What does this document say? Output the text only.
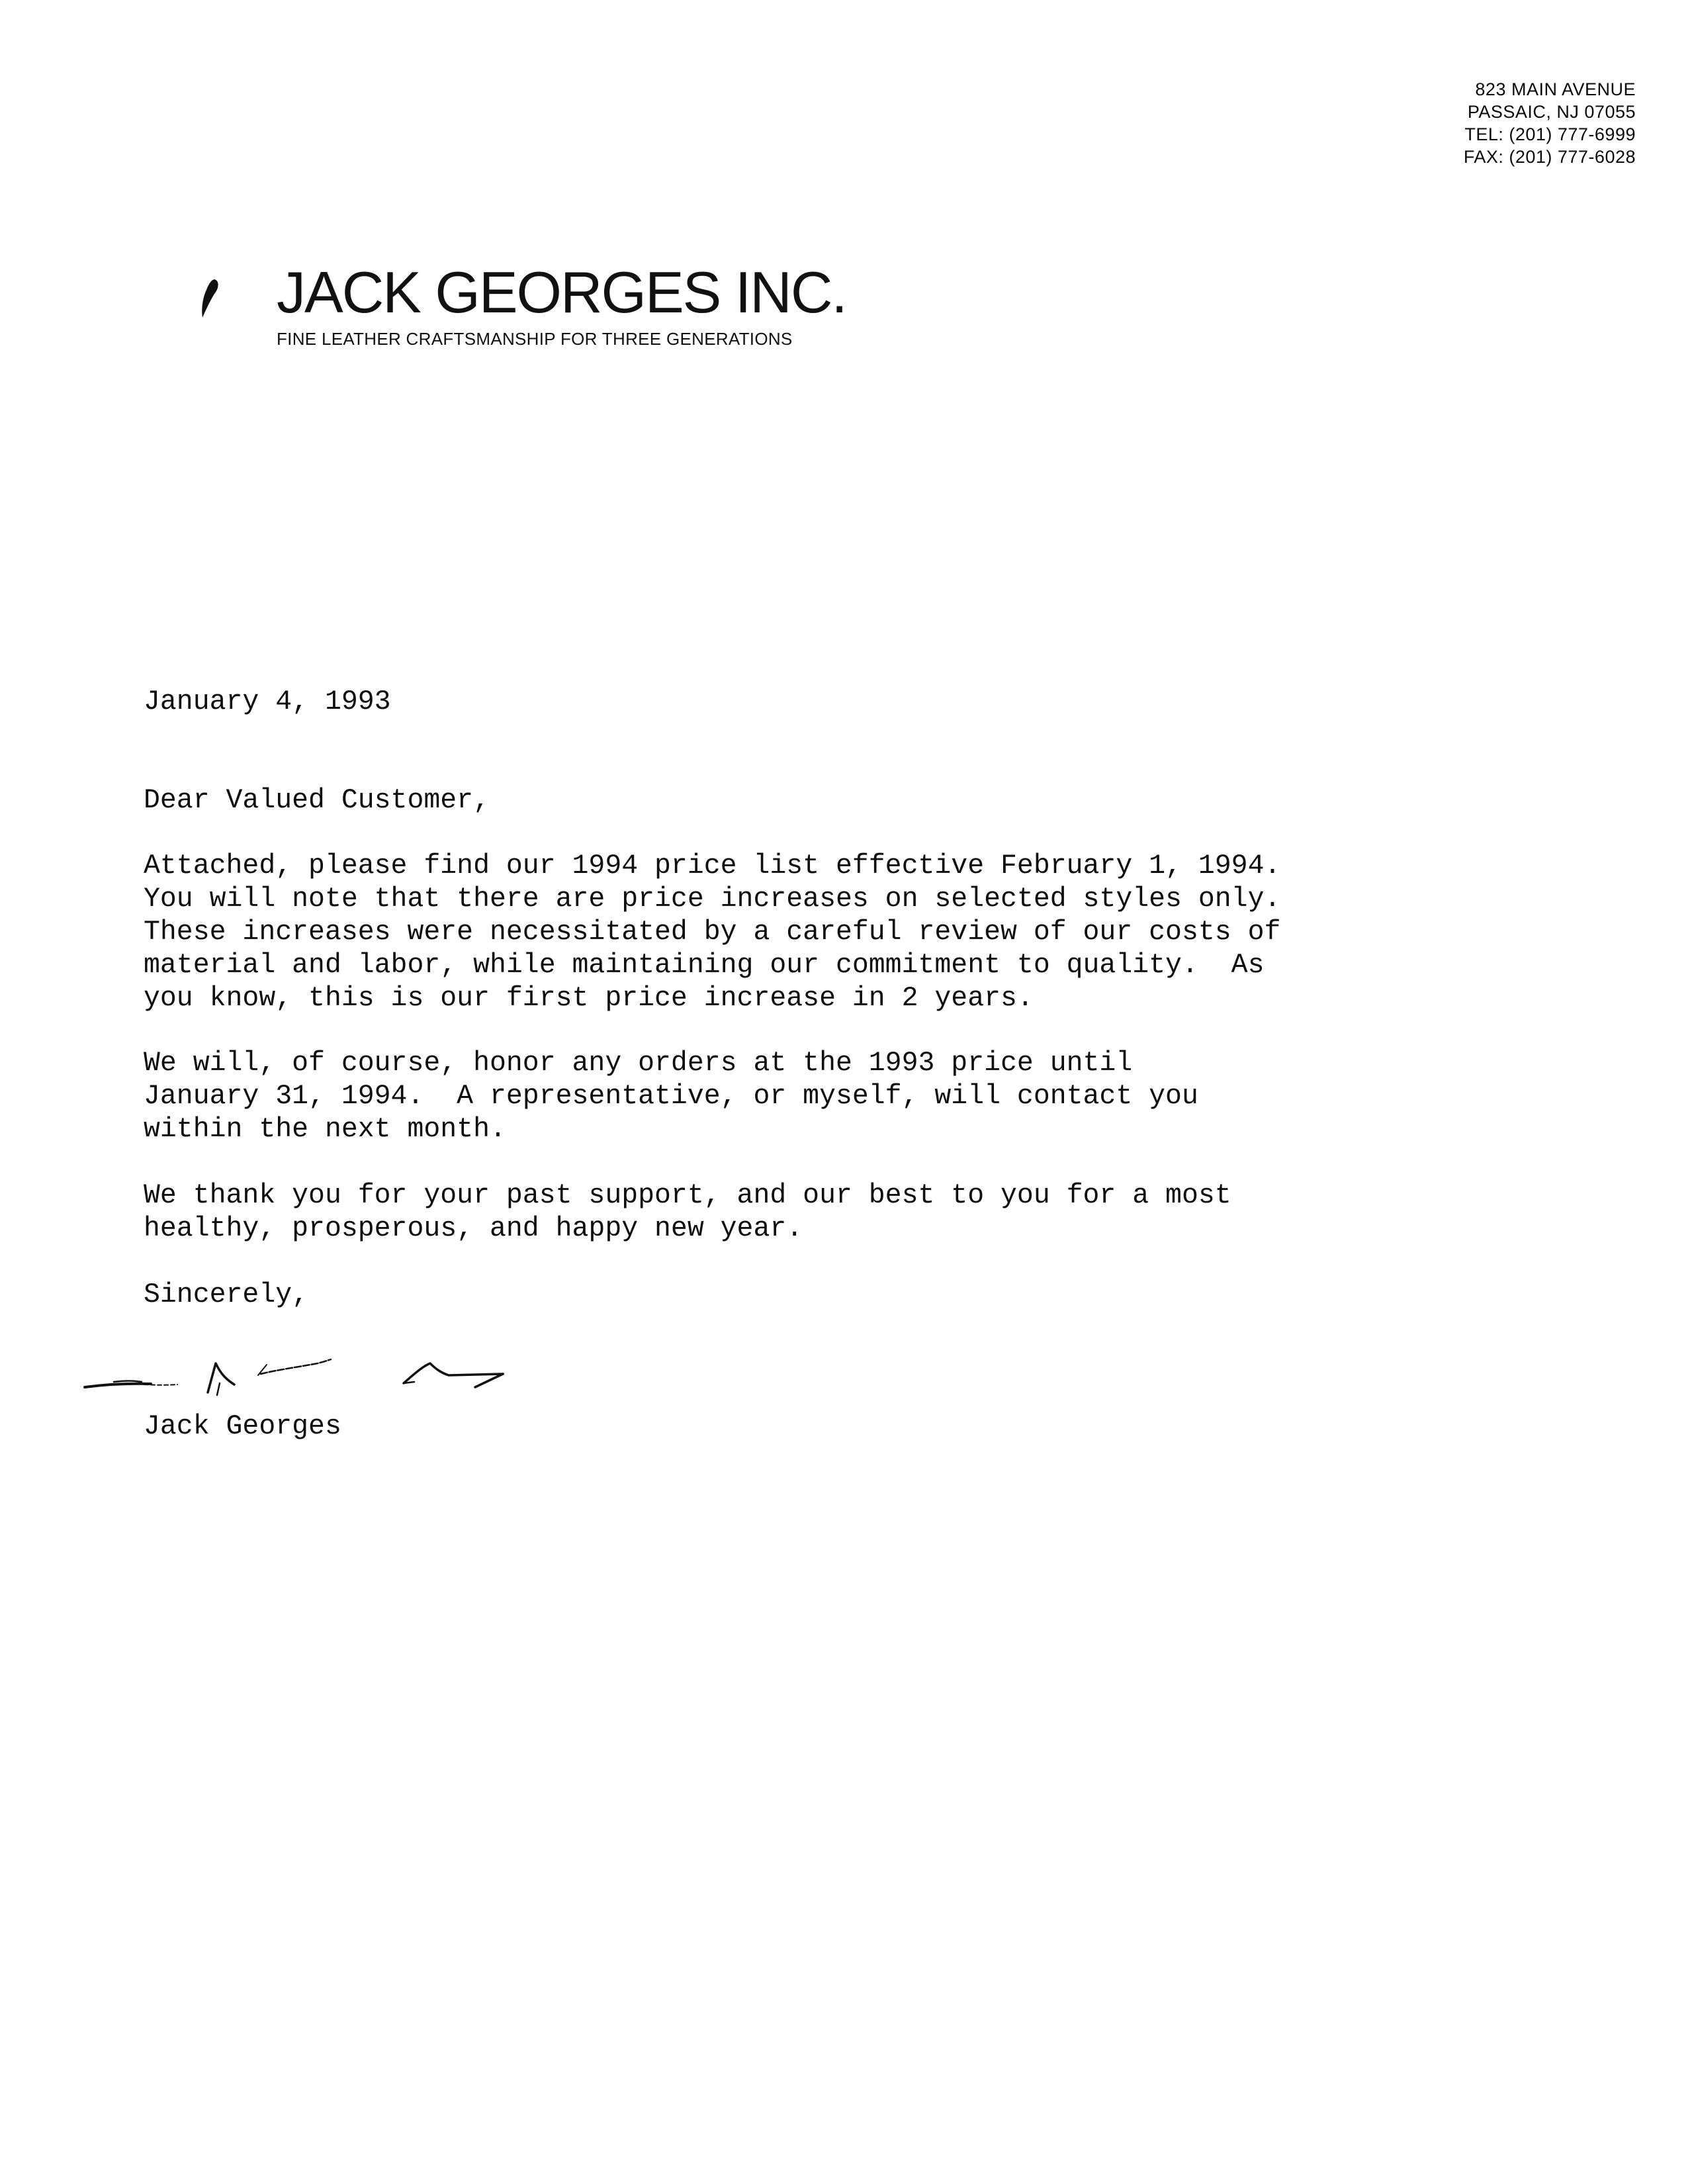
823 MAIN AVENUE
PASSAIC, NJ 07055
TEL: (201) 777-6999
FAX: (201) 777-6028
JACK GEORGES INC.
FINE LEATHER CRAFTSMANSHIP FOR THREE GENERATIONS
January 4, 1993
Dear Valued Customer,
Attached, please find our 1994 price list effective February 1, 1994.
You will note that there are price increases on selected styles only.
These increases were necessitated by a careful review of our costs of
material and labor, while maintaining our commitment to quality.  As
you know, this is our first price increase in 2 years.
We will, of course, honor any orders at the 1993 price until
January 31, 1994.  A representative, or myself, will contact you
within the next month.
We thank you for your past support, and our best to you for a most
healthy, prosperous, and happy new year.
Sincerely,
Jack Georges
